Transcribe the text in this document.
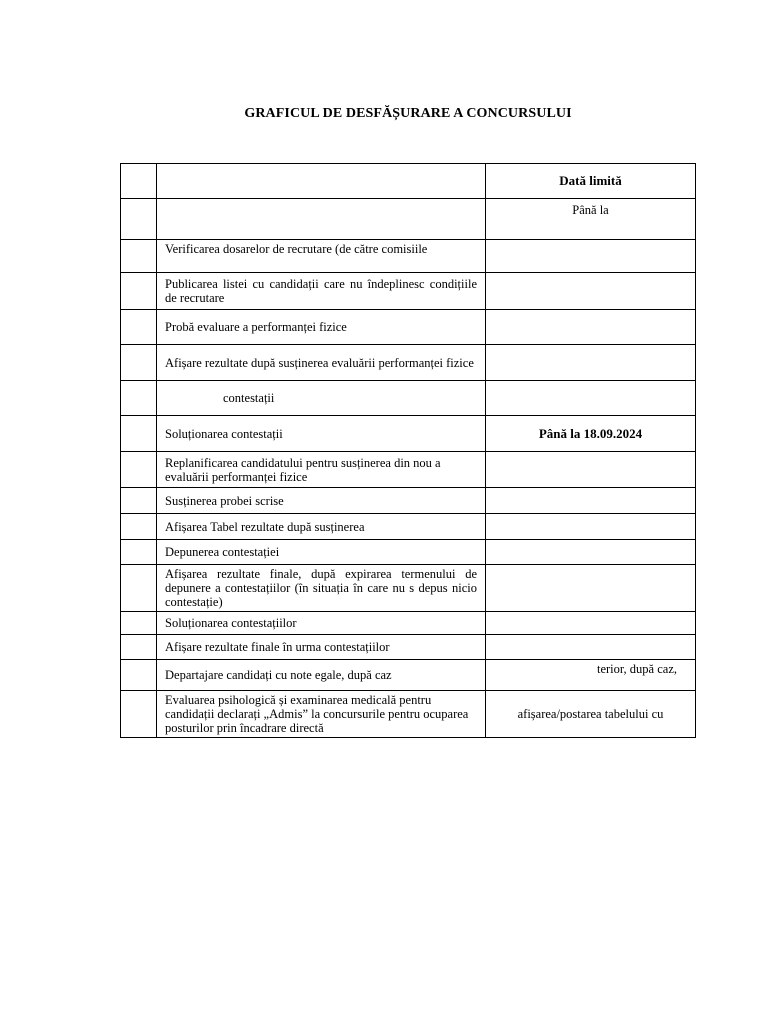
GRAFICUL DE DESFĂȘURARE A CONCURSULUI
		Dată limită
		Până la
	Verificarea dosarelor de recrutare (de către comisiile	
	Publicarea listei cu candidații care nu îndeplinesc condițiile de recrutare	
	Probă evaluare a performanței fizice	
	Afișare rezultate după susținerea evaluării performanței fizice	
	contestații	
	Soluționarea contestații	Până la 18.09.2024
	Replanificarea candidatului pentru susținerea din nou a evaluării performanței fizice	
	Susținerea probei scrise	
	Afișarea Tabel rezultate după susținerea	
	Depunerea contestației	
	Afișarea rezultate finale, după expirarea termenului de depunere a contestațiilor (în situația în care nu s depus nicio contestație)	
	Soluționarea contestațiilor	
	Afișare rezultate finale în urma contestațiilor	
	Departajare candidați cu note egale, după caz	terior, după caz,
	Evaluarea psihologică și examinarea medicală pentru candidații declarați „Admis” la concursurile pentru ocuparea posturilor prin încadrare directă	afișarea/postarea tabelului cu
